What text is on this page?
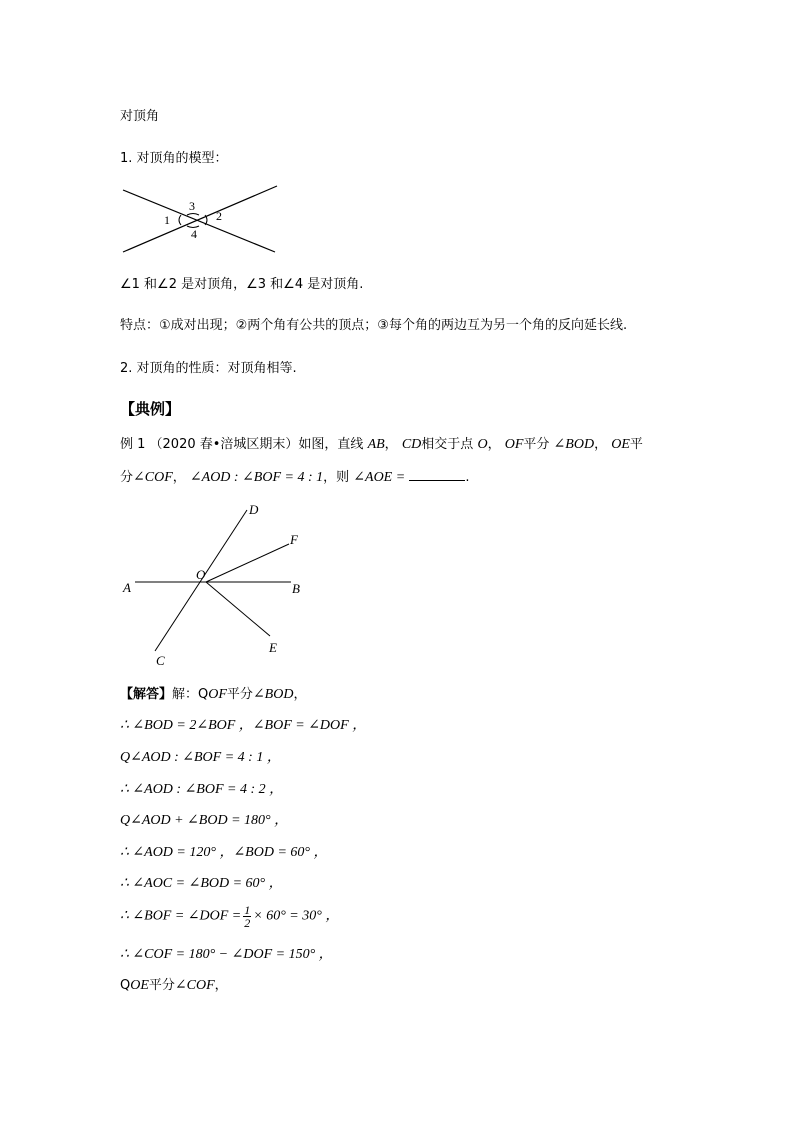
对顶角
1. 对顶角的模型：
1	2
3
4
∠1 和∠2 是对顶角，∠3 和∠4 是对顶角.
特点：①成对出现；②两个角有公共的顶点；③每个角的两边互为另一个角的反向延长线.
2. 对顶角的性质：对顶角相等.
【典例】
例 1 （2020 春•涪城区期末）如图，直线 AB， CD相交于点 O， OF平分 ∠BOD， OE平
分∠COF， ∠AOD : ∠BOF = 4 : 1，则 ∠AOE =	.
A	B
C
D
E
F
O
【解答】解：QOF平分∠BOD，
∴ ∠BOD = 2∠BOF ，∠BOF = ∠DOF ，
Q∠AOD : ∠BOF = 4 : 1 ，
∴ ∠AOD : ∠BOF = 4 : 2 ，
Q∠AOD + ∠BOD = 180° ，
∴ ∠AOD = 120° ，∠BOD = 60° ，
∴ ∠AOC = ∠BOD = 60° ，
∴ ∠BOF = ∠DOF = $\frac{1}{2} \times 60^\circ = 30^\circ$ ，
∴ ∠COF = 180° − ∠DOF = 150° ，
QOE平分∠COF，
